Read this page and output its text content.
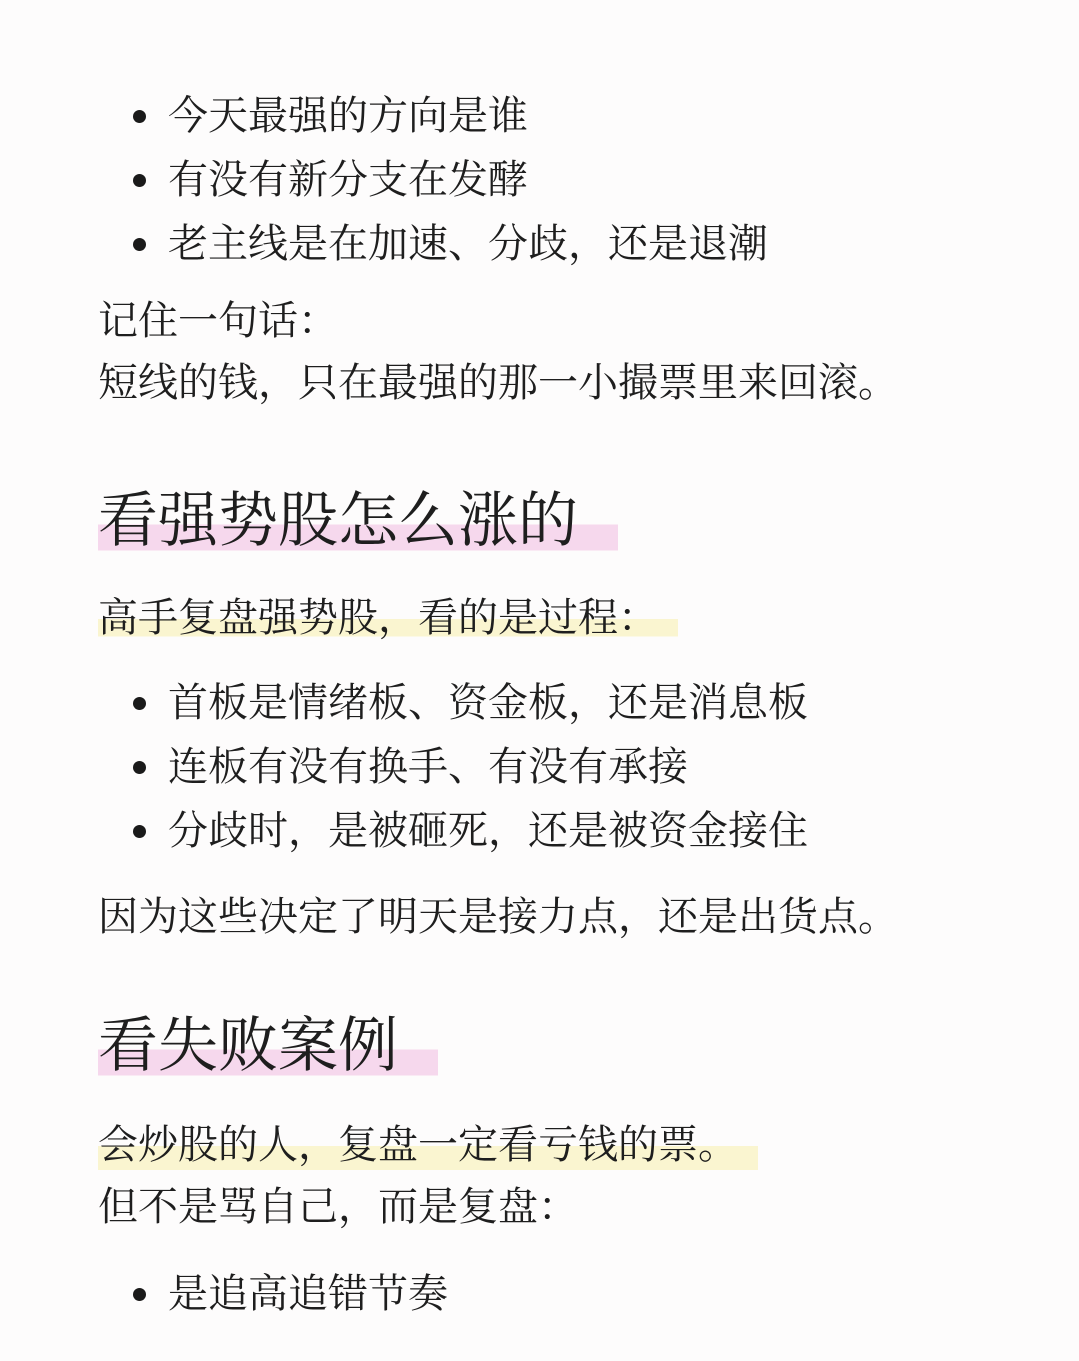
今天最强的方向是谁
有没有新分支在发酵
老主线是在加速、分歧，还是退潮
记住一句话：
短线的钱，只在最强的那一小撮票里来回滚。
看强势股怎么涨的
高手复盘强势股，看的是过程：
首板是情绪板、资金板，还是消息板
连板有没有换手、有没有承接
分歧时，是被砸死，还是被资金接住
因为这些决定了明天是接力点，还是出货点。
看失败案例
会炒股的人，复盘一定看亏钱的票。
但不是骂自己，而是复盘：
是追高追错节奏
